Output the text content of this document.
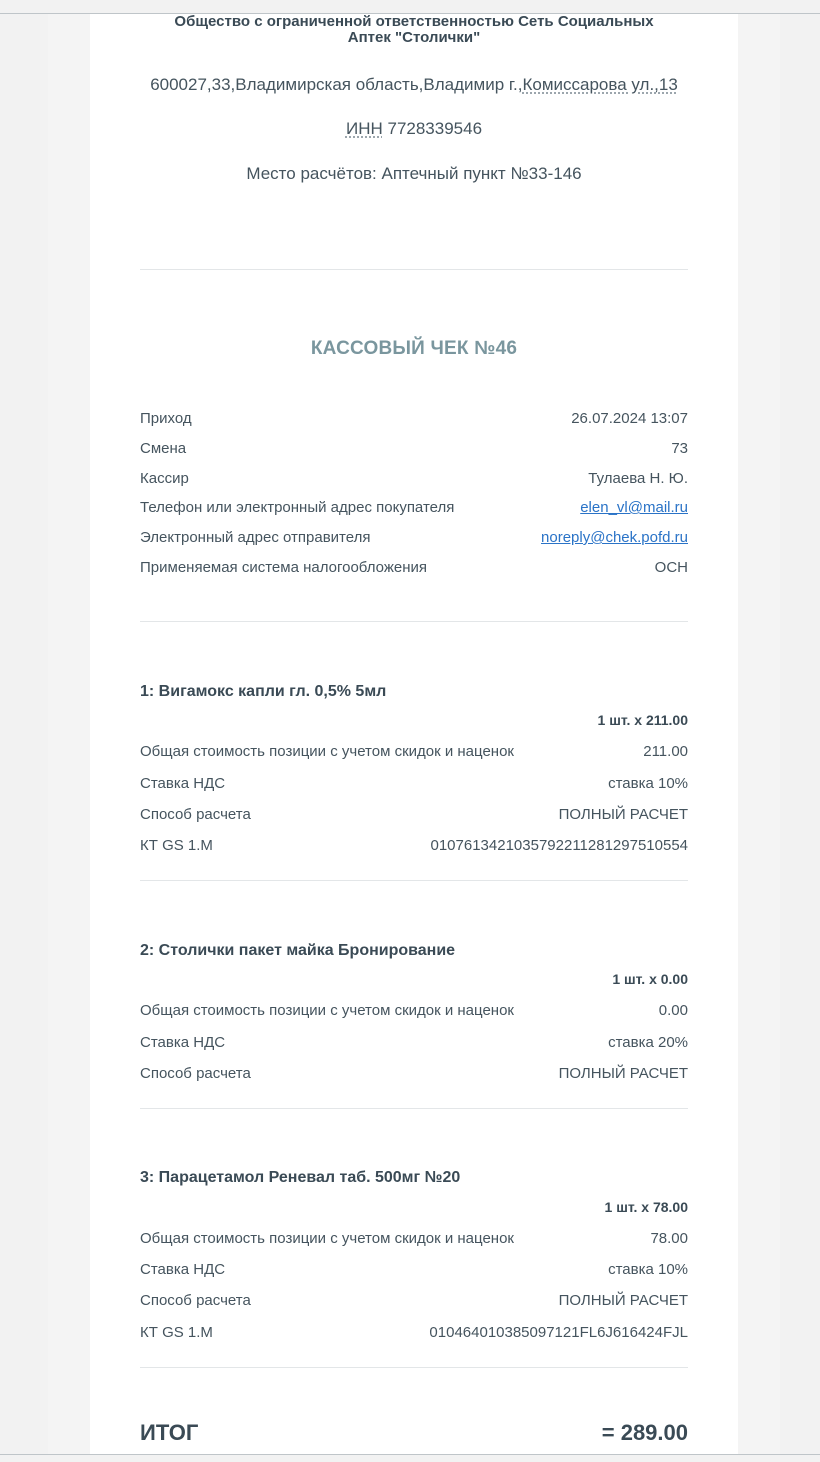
Общество с ограниченной ответственностью Сеть Социальных
Аптек "Столички"
600027,33,Владимирская область,Владимир г.,Комиссарова ул.,13
ИНН 7728339546
Место расчётов: Аптечный пункт №33-146
КАССОВЫЙ ЧЕК №46
Приход	26.07.2024 13:07
Смена	73
Кассир	Тулаева Н. Ю.
Телефон или электронный адрес покупателя	elen_vl@mail.ru
Электронный адрес отправителя	noreply@chek.pofd.ru
Применяемая система налогообложения	ОСН
1: Вигамокс капли гл. 0,5% 5мл
1 шт. x 211.00
Общая стоимость позиции с учетом скидок и наценок	211.00
Ставка НДС	ставка 10%
Способ расчета	ПОЛНЫЙ РАСЧЕТ
КТ GS 1.M	0107613421035792211281297510554
2: Столички пакет майка Бронирование
1 шт. x 0.00
Общая стоимость позиции с учетом скидок и наценок	0.00
Ставка НДС	ставка 20%
Способ расчета	ПОЛНЫЙ РАСЧЕТ
3: Парацетамол Реневал таб. 500мг №20
1 шт. x 78.00
Общая стоимость позиции с учетом скидок и наценок	78.00
Ставка НДС	ставка 10%
Способ расчета	ПОЛНЫЙ РАСЧЕТ
КТ GS 1.M	010464010385097121FL6J616424FJL
ИТОГ	= 289.00
